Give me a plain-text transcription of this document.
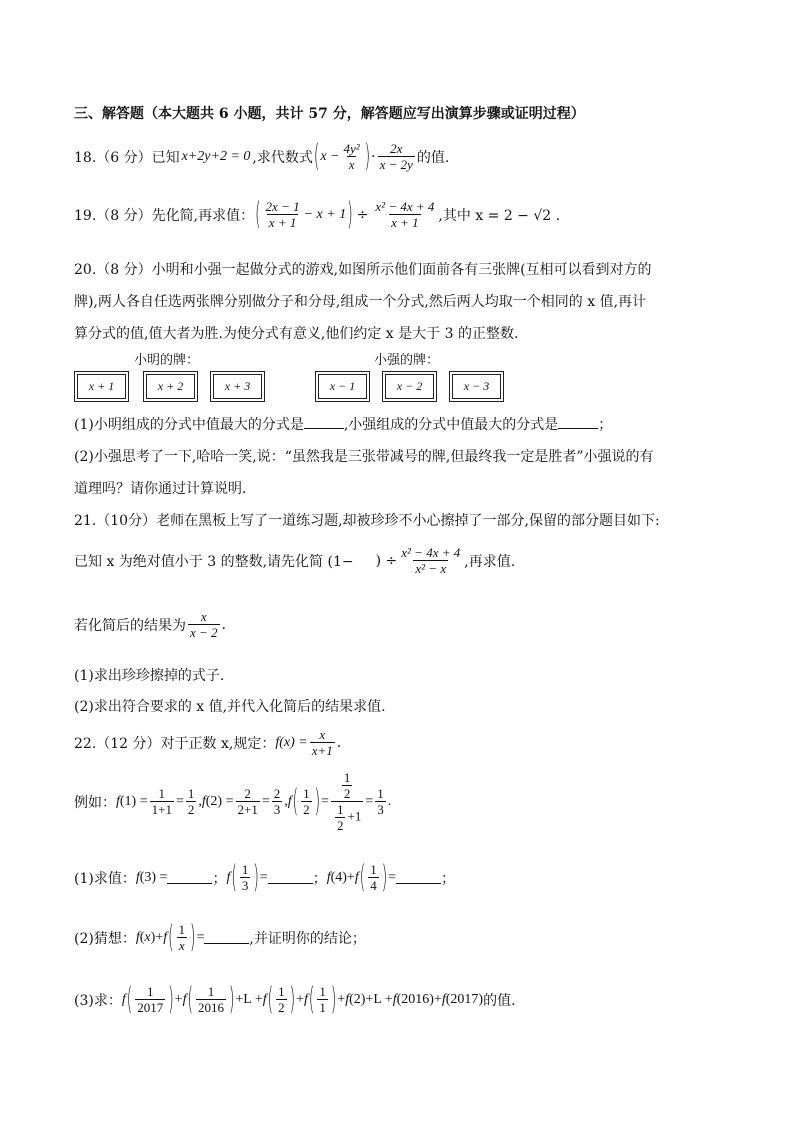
三、解答题（本大题共 6 小题，共计 57 分，解答题应写出演算步骤或证明过程）
18.（6 分）已知 x+2y+2 = 0 ,求代数式 ( $x - \frac{\text{4y²}}{x}$ ) · $\frac{2x}{x - 2y}$ 的值.
19.（8 分）先化简,再求值： ( $\frac{2x - 1}{x + 1} - x + 1$ ) ÷ $\frac{\text{x² − 4x + 4}}{x + 1}$ ,其中 x = 2 − √2 .
20.（8 分）小明和小强一起做分式的游戏,如图所示他们面前各有三张牌(互相可以看到对方的
牌),两人各自任选两张牌分别做分子和分母,组成一个分式,然后两人均取一个相同的 x 值,再计
算分式的值,值大者为胜.为使分式有意义,他们约定 x 是大于 3 的正整数.
小明的牌：	小强的牌：
x + 1	x + 2	x + 3	x − 1	x − 2	x − 3
(1)小明组成的分式中值最大的分式是	,小强组成的分式中值最大的分式是	；
(2)小强思考了一下,哈哈一笑,说：“虽然我是三张带减号的牌,但最终我一定是胜者”小强说的有
道理吗？请你通过计算说明.
21.（10分）老师在黑板上写了一道练习题,却被珍珍不小心擦掉了一部分,保留的部分题目如下:
已知 x 为绝对值小于 3 的整数,请先化简 (1− ) ÷ $\frac{\text{x² − 4x + 4}}{\text{x² − x}}$ ,再求值.
若化简后的结果为 $\frac{x}{x - 2}$ .
(1)求出珍珍擦掉的式子.
(2)求出符合要求的 x 值,并代入化简后的结果求值.
22.（12 分）对于正数 x,规定： $f(x) = \frac{x}{x+1}$ .
例如： f $(1) = \frac{1}{1+1} = \frac{1}{2}$ , f $(2) = \frac{2}{2+1} = \frac{2}{3}$ , f ( $\frac{1}{2}$ ) = $\frac{\frac{1}{2}}{\frac{1}{2} +1} = \frac{1}{3}$ .
(1)求值： f (3) =	； f ( $\frac{1}{3}$ ) =	； f (4)+ f ( $\frac{1}{4}$ ) =	；
(2)猜想： f ( x )+ f ( $\frac{1}{x}$ ) =	,并证明你的结论；
(3)求： f ( $\frac{1}{2017}$ ) + f ( $\frac{1}{2016}$ ) +L + f ( $\frac{1}{2}$ ) + f ( $\frac{1}{1}$ ) + f (2)+L + f (2016)+ f (2017) 的值.
